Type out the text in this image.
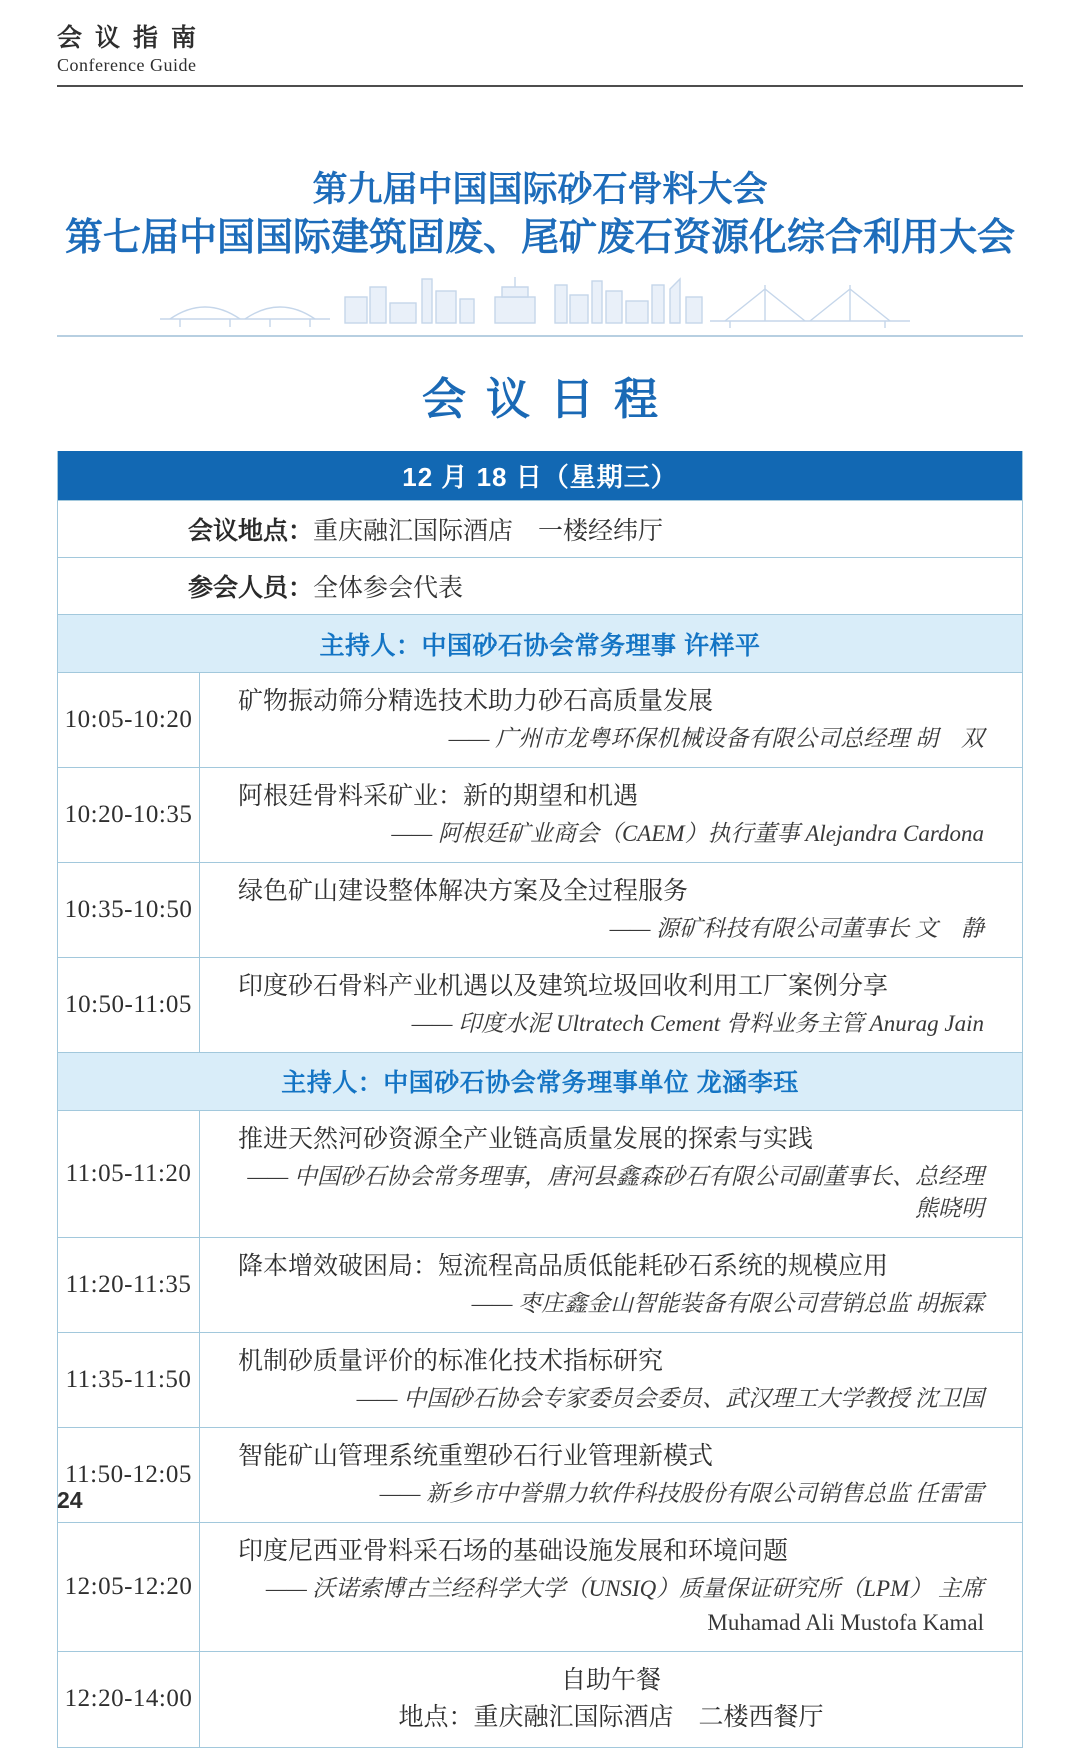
会议指南
Conference Guide
第九届中国国际砂石骨料大会
第七届中国国际建筑固废、尾矿废石资源化综合利用大会
会议日程
12 月 18 日（星期三）
会议地点：重庆融汇国际酒店　一楼经纬厅
参会人员：全体参会代表
主持人：中国砂石协会常务理事 许样平
10:05-10:20
矿物振动筛分精选技术助力砂石高质量发展
—— 广州市龙粤环保机械设备有限公司总经理 胡　双
10:20-10:35
阿根廷骨料采矿业：新的期望和机遇
—— 阿根廷矿业商会（CAEM）执行董事 Alejandra Cardona
10:35-10:50
绿色矿山建设整体解决方案及全过程服务
—— 源矿科技有限公司董事长 文　静
10:50-11:05
印度砂石骨料产业机遇以及建筑垃圾回收利用工厂案例分享
—— 印度水泥 Ultratech Cement 骨料业务主管 Anurag Jain
主持人：中国砂石协会常务理事单位 龙涵李珏
11:05-11:20
推进天然河砂资源全产业链高质量发展的探索与实践
—— 中国砂石协会常务理事，唐河县鑫森砂石有限公司副董事长、总经理 熊晓明
11:20-11:35
降本增效破困局：短流程高品质低能耗砂石系统的规模应用
—— 枣庄鑫金山智能装备有限公司营销总监 胡振霖
11:35-11:50
机制砂质量评价的标准化技术指标研究
—— 中国砂石协会专家委员会委员、武汉理工大学教授 沈卫国
11:50-12:05
智能矿山管理系统重塑砂石行业管理新模式
—— 新乡市中誉鼎力软件科技股份有限公司销售总监 任雷雷
12:05-12:20
印度尼西亚骨料采石场的基础设施发展和环境问题
—— 沃诺索博古兰经科学大学（UNSIQ）质量保证研究所（LPM） 主席
Muhamad Ali Mustofa Kamal
12:20-14:00
自助午餐
地点：重庆融汇国际酒店　二楼西餐厅
24
